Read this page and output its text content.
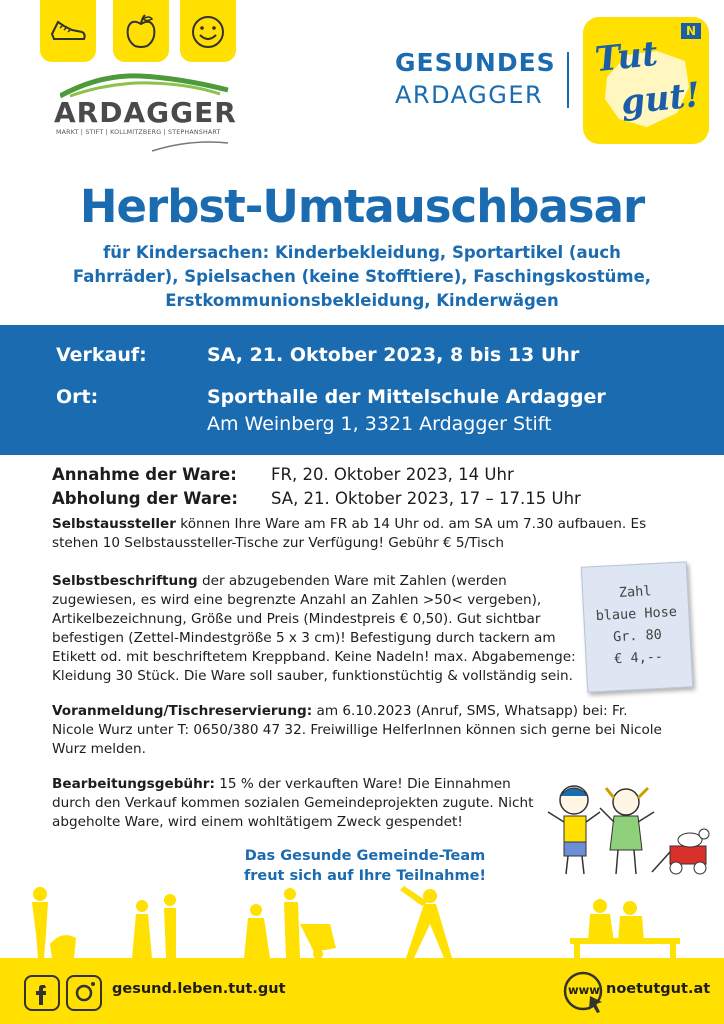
ARDAGGER
MARKT | STIFT | KOLLMITZBERG | STEPHANSHART
GESUNDES
ARDAGGER
N
Tut
gut!
Herbst-Umtauschbasar
für Kindersachen: Kinderbekleidung, Sportartikel (auch Fahrräder), Spielsachen (keine Stofftiere), Faschingskostüme, Erstkommunionsbekleidung, Kinderwägen
Verkauf:	SA, 21. Oktober 2023, 8 bis 13 Uhr
Ort:	Sporthalle der Mittelschule Ardagger
Am Weinberg 1, 3321 Ardagger Stift
Annahme der Ware: FR, 20. Oktober 2023, 14 Uhr
Abholung der Ware: SA, 21. Oktober 2023, 17 – 17.15 Uhr
Selbstaussteller können Ihre Ware am FR ab 14 Uhr od. am SA um 7.30 aufbauen. Es stehen 10 Selbstaussteller-Tische zur Verfügung! Gebühr € 5/Tisch
Selbstbeschriftung der abzugebenden Ware mit Zahlen (werden zugewiesen, es wird eine begrenzte Anzahl an Zahlen >50< vergeben), Artikelbezeichnung, Größe und Preis (Mindestpreis € 0,50). Gut sichtbar befestigen (Zettel-Mindestgröße 5 x 3 cm)! Befestigung durch tackern am Etikett od. mit beschriftetem Kreppband. Keine Nadeln! max. Abgabemenge: Kleidung 30 Stück. Die Ware soll sauber, funktionstüchtig & vollständig sein.
Zahl
blaue Hose
Gr. 80
€ 4,--
Voranmeldung/Tischreservierung: am 6.10.2023 (Anruf, SMS, Whatsapp) bei: Fr. Nicole Wurz unter T: 0650/380 47 32. Freiwillige HelferInnen können sich gerne bei Nicole Wurz melden.
Bearbeitungsgebühr: 15 % der verkauften Ware! Die Einnahmen durch den Verkauf kommen sozialen Gemeindeprojekten zugute. Nicht abgeholte Ware, wird einem wohltätigem Zweck gespendet!
Das Gesunde Gemeinde-Team
freut sich auf Ihre Teilnahme!
gesund.leben.tut.gut	www noetutgut.at
